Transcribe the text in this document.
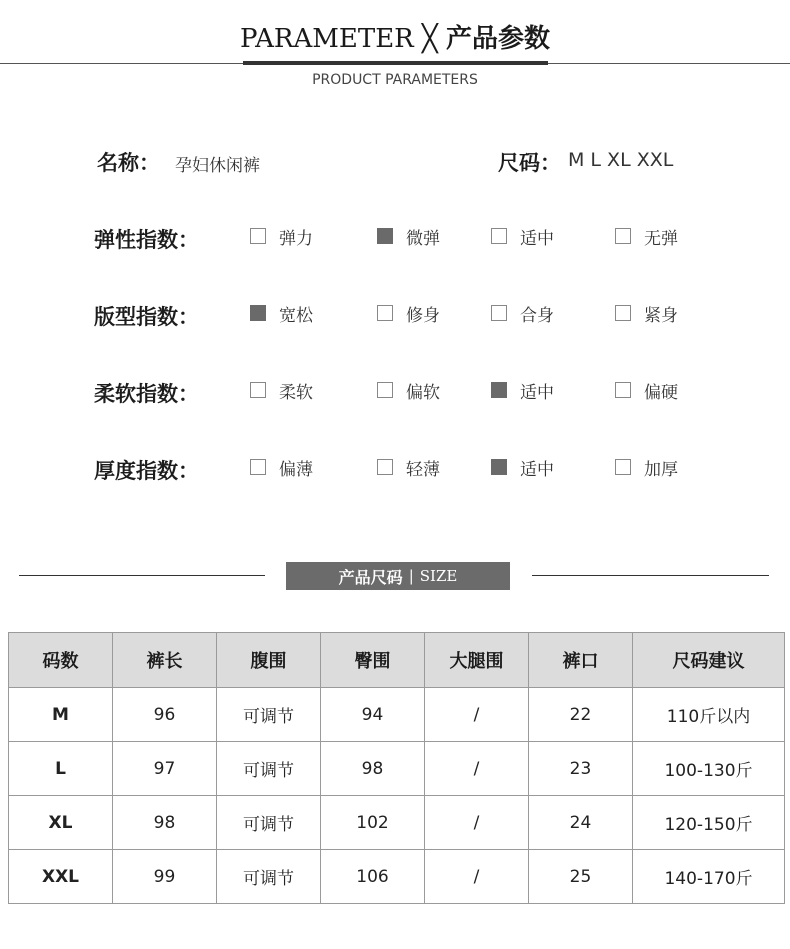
PARAMETER ╳ 产品参数
PRODUCT PARAMETERS
名称： 孕妇休闲裤	尺码： M L XL XXL
弹性指数：	弹力	微弹	适中	无弹
版型指数：	宽松	修身	合身	紧身
柔软指数：	柔软	偏软	适中	偏硬
厚度指数：	偏薄	轻薄	适中	加厚
产品尺码 | SIZE
码数	裤长	腹围	臀围	大腿围	裤口	尺码建议
M	96	可调节	94	/	22	110斤以内
L	97	可调节	98	/	23	100-130斤
XL	98	可调节	102	/	24	120-150斤
XXL	99	可调节	106	/	25	140-170斤
